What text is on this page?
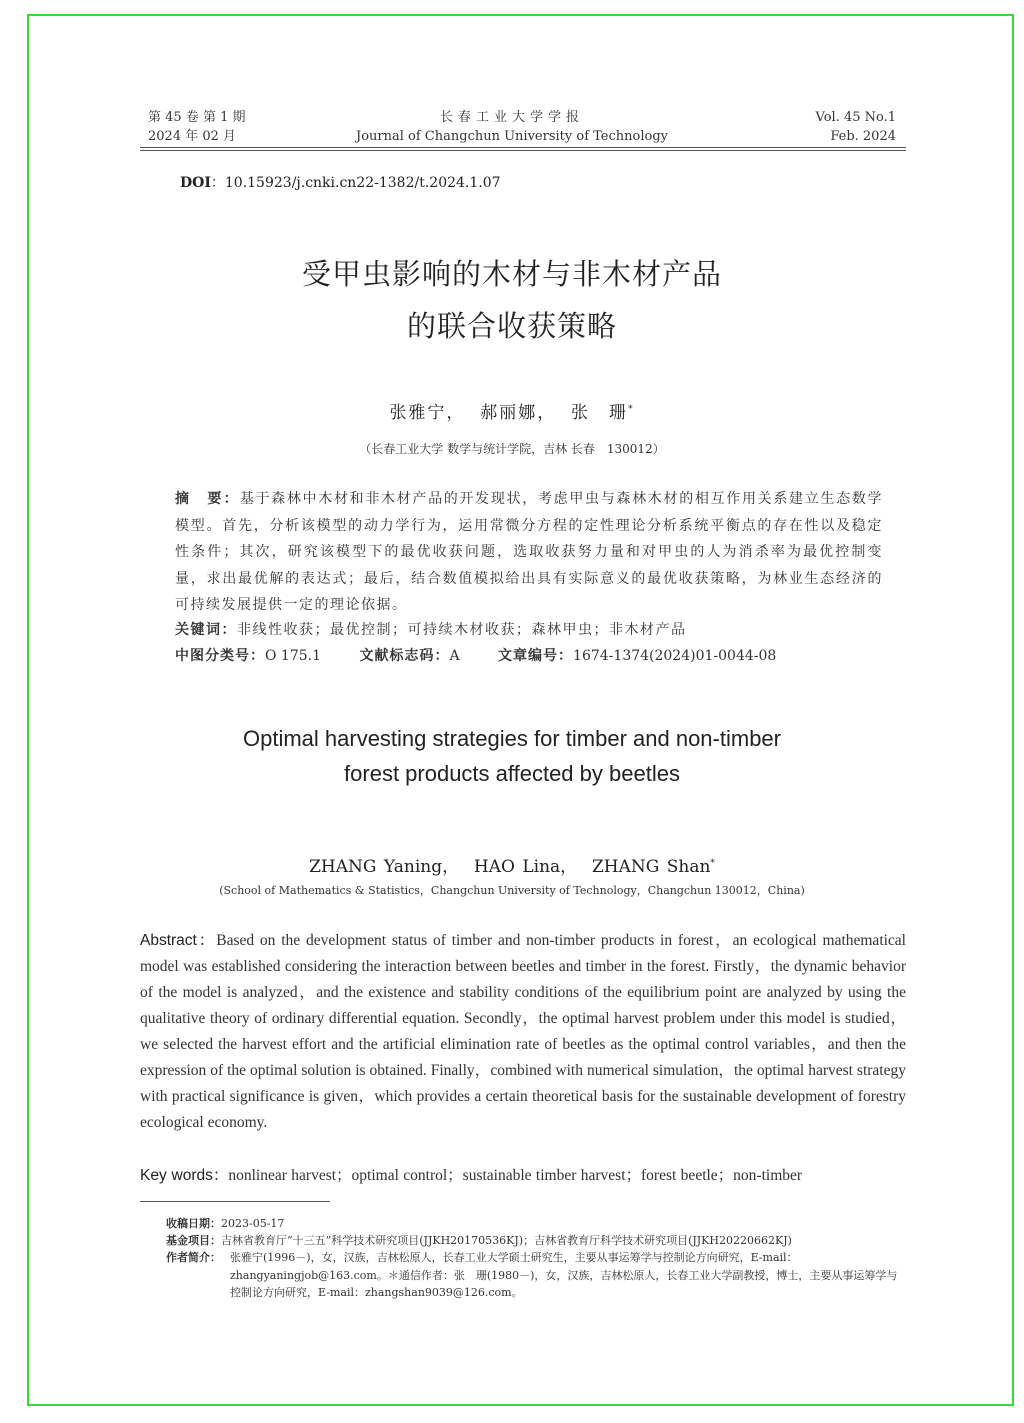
第 45 卷 第 1 期
2024 年 02 月
长春工业大学学报
Journal of Changchun University of Technology
Vol. 45 No.1
Feb. 2024
DOI：10.15923/j.cnki.cn22-1382/t.2024.1.07
受甲虫影响的木材与非木材产品
的联合收获策略
张雅宁，  郝丽娜，  张　珊*
（长春工业大学 数学与统计学院，吉林 长春　130012）
摘　要：基于森林中木材和非木材产品的开发现状，考虑甲虫与森林木材的相互作用关系建立生态数学模型。首先，分析该模型的动力学行为，运用常微分方程的定性理论分析系统平衡点的存在性以及稳定性条件；其次，研究该模型下的最优收获问题，选取收获努力量和对甲虫的人为消杀率为最优控制变量，求出最优解的表达式；最后，结合数值模拟给出具有实际意义的最优收获策略，为林业生态经济的可持续发展提供一定的理论依据。
关键词：非线性收获；最优控制；可持续木材收获；森林甲虫；非木材产品
中图分类号：O 175.1	文献标志码：A	文章编号：1674-1374(2024)01-0044-08
Optimal harvesting strategies for timber and non-timber
forest products affected by beetles
ZHANG Yaning，  HAO Lina，  ZHANG Shan*
(School of Mathematics & Statistics，Changchun University of Technology，Changchun 130012，China)
Abstract：Based on the development status of timber and non-timber products in forest，an ecological mathematical model was established considering the interaction between beetles and timber in the forest. Firstly，the dynamic behavior of the model is analyzed，and the existence and stability conditions of the equilibrium point are analyzed by using the qualitative theory of ordinary differential equation. Secondly，the optimal harvest problem under this model is studied，we selected the harvest effort and the artificial elimination rate of beetles as the optimal control variables，and then the expression of the optimal solution is obtained. Finally，combined with numerical simulation，the optimal harvest strategy with practical significance is given，which provides a certain theoretical basis for the sustainable development of forestry ecological economy.
Key words：nonlinear harvest；optimal control；sustainable timber harvest；forest beetle；non-timber
收稿日期：2023-05-17
基金项目：吉林省教育厅“十三五”科学技术研究项目(JJKH20170536KJ)；吉林省教育厅科学技术研究项目(JJKH20220662KJ)
作者简介： 张雅宁(1996－)，女，汉族，吉林松原人，长春工业大学硕士研究生，主要从事运筹学与控制论方向研究，E-mail：zhangyaningjob@163.com。＊通信作者：张　珊(1980－)，女，汉族，吉林松原人，长春工业大学副教授，博士，主要从事运筹学与控制论方向研究，E-mail：zhangshan9039@126.com。
